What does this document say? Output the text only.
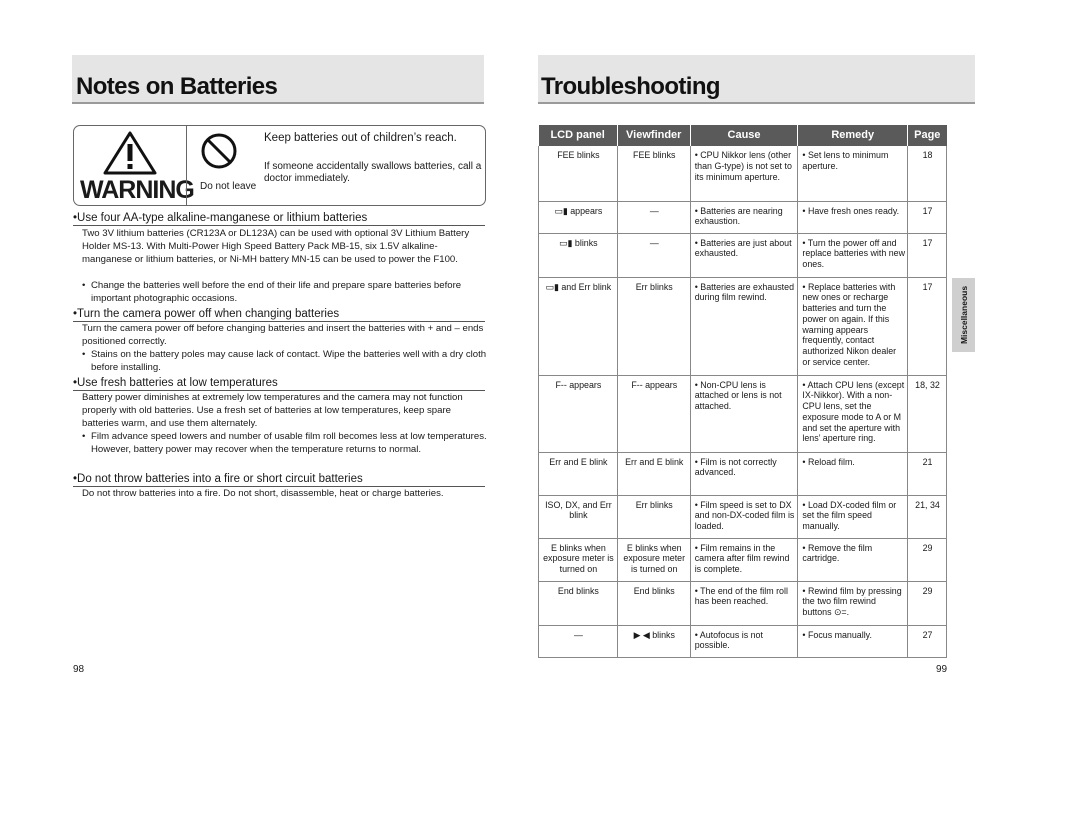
Notes on Batteries
WARNING Do not leave
Keep batteries out of children’s reach.
If someone accidentally swallows batteries, call a doctor immediately.
•Use four AA-type alkaline-manganese or lithium batteries
Two 3V lithium batteries (CR123A or DL123A) can be used with optional 3V Lithium Battery Holder MS-13. With Multi-Power High Speed Battery Pack MB-15, six 1.5V alkaline-manganese or lithium batteries, or Ni-MH battery MN-15 can be used to power the F100.
• Change the batteries well before the end of their life and prepare spare batteries before important photographic occasions.
•Turn the camera power off when changing batteries
Turn the camera power off before changing batteries and insert the batteries with + and – ends positioned correctly.
• Stains on the battery poles may cause lack of contact. Wipe the batteries well with a dry cloth before installing.
•Use fresh batteries at low temperatures
Battery power diminishes at extremely low temperatures and the camera may not function properly with old batteries. Use a fresh set of batteries at low temperatures, keep spare batteries warm, and use them alternately.
• Film advance speed lowers and number of usable film roll becomes less at low temperatures. However, battery power may recover when the temperature returns to normal.
•Do not throw batteries into a fire or short circuit batteries
Do not throw batteries into a fire. Do not short, disassemble, heat or charge batteries.
98
Troubleshooting
LCD panel	Viewfinder	Cause	Remedy	Page
FEE blinks	FEE blinks	• CPU Nikkor lens (other than G-type) is not set to its minimum aperture.	• Set lens to minimum aperture.	18
▭▮ appears	—	• Batteries are nearing exhaustion.	• Have fresh ones ready.	17
▭▮ blinks	—	• Batteries are just about exhausted.	• Turn the power off and replace batteries with new ones.	17
▭▮ and Err blink	Err blinks	• Batteries are exhausted during film rewind.	• Replace batteries with new ones or recharge batteries and turn the power on again. If this warning appears frequently, contact authorized Nikon dealer or service center.	17
F-- appears	F-- appears	• Non-CPU lens is attached or lens is not attached.	• Attach CPU lens (except IX-Nikkor). With a non-CPU lens, set the exposure mode to A or M and set the aperture with lens’ aperture ring.	18, 32
Err and E blink	Err and E blink	• Film is not correctly advanced.	• Reload film.	21
ISO, DX, and Err blink	Err blinks	• Film speed is set to DX and non-DX-coded film is loaded.	• Load DX-coded film or set the film speed manually.	21, 34
E blinks when exposure meter is turned on	E blinks when exposure meter is turned on	• Film remains in the camera after film rewind is complete.	• Remove the film cartridge.	29
End blinks	End blinks	• The end of the film roll has been reached.	• Rewind film by pressing the two film rewind buttons ⊙=.	29
—	▶ ◀ blinks	• Autofocus is not possible.	• Focus manually.	27
Miscellaneous
99
